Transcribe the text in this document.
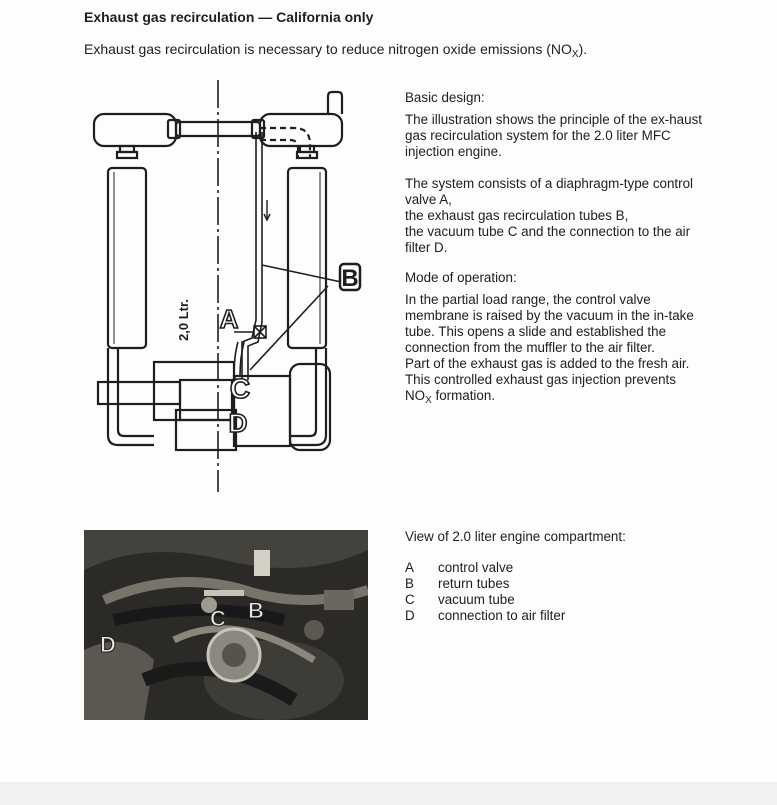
Exhaust gas recirculation — California only
Exhaust gas recirculation is necessary to reduce nitrogen oxide emissions $(NO_X)$.
B
A
C
D
2,0 Ltr.

Basic design:

The illustration shows the principle of the ex-haust gas recirculation system for the 2.0 liter MFC injection engine.

The system consists of a diaphragm-type control valve A,

the exhaust gas recirculation tubes B,

the vacuum tube C and the connection to the air filter D.

Mode of operation:

In the partial load range, the control valve membrane is raised by the vacuum in the in-take tube. This opens a slide and established the connection from the muffler to the air filter.

Part of the exhaust gas is added to the fresh air.

This controlled exhaust gas injection prevents $NO_X$ formation.

B
C
D

View of 2.0 liter engine compartment:

A	control valve
B	return tubes
C	vacuum tube
D	connection to air filter
